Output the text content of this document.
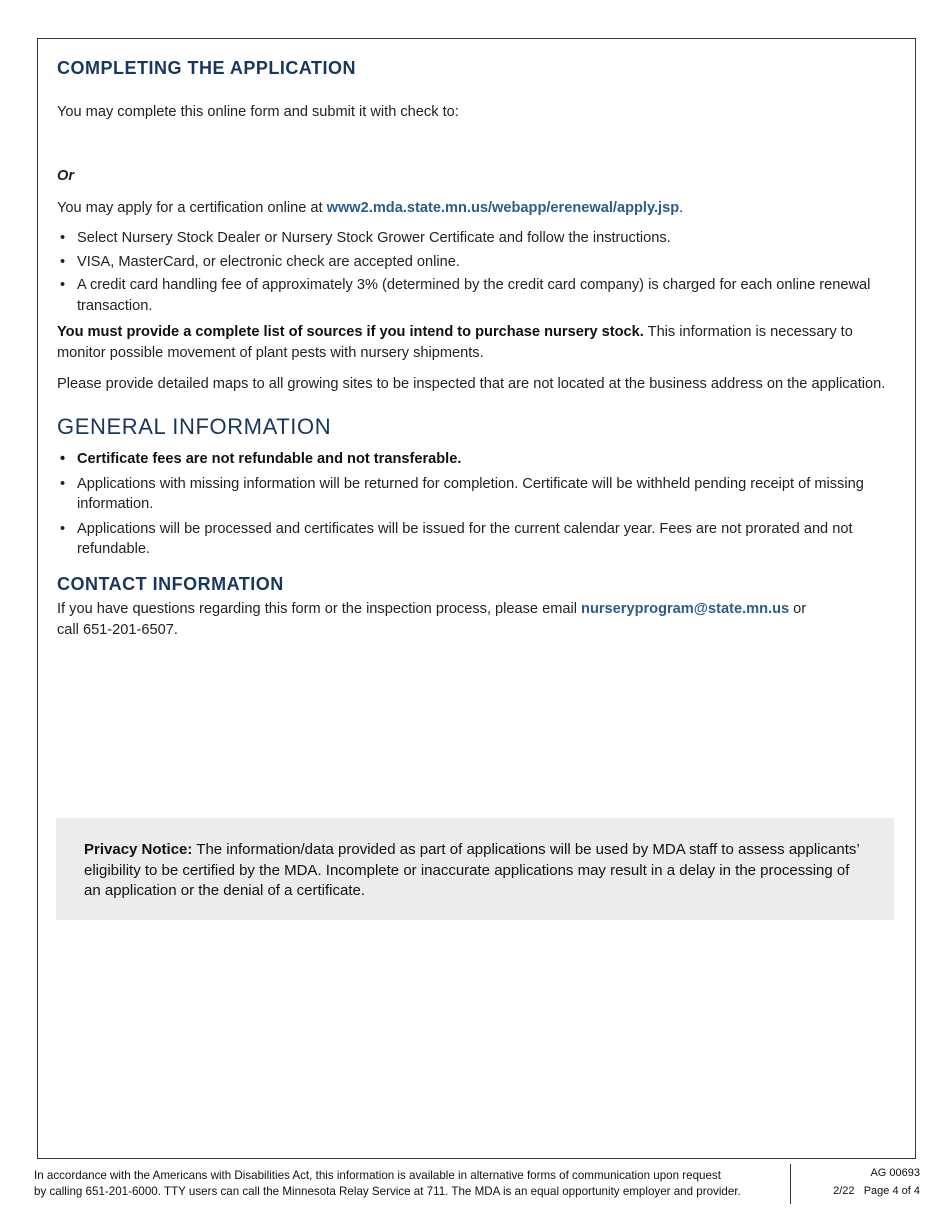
COMPLETING THE APPLICATION

You may complete this online form and submit it with check to:

Or

You may apply for a certification online at www2.mda.state.mn.us/webapp/erenewal/apply.jsp.

• Select Nursery Stock Dealer or Nursery Stock Grower Certificate and follow the instructions.
• VISA, MasterCard, or electronic check are accepted online.
• A credit card handling fee of approximately 3% (determined by the credit card company) is charged for each online renewal transaction.

You must provide a complete list of sources if you intend to purchase nursery stock. This information is necessary to monitor possible movement of plant pests with nursery shipments.

Please provide detailed maps to all growing sites to be inspected that are not located at the business address on the application.

GENERAL INFORMATION
• Certificate fees are not refundable and not transferable.
• Applications with missing information will be returned for completion. Certificate will be withheld pending receipt of missing information.
• Applications will be processed and certificates will be issued for the current calendar year. Fees are not prorated and not refundable.
CONTACT INFORMATION

If you have questions regarding this form or the inspection process, please email nurseryprogram@state.mn.us or call 651-201-6507.

Privacy Notice: The information/data provided as part of applications will be used by MDA staff to assess applicants’ eligibility to be certified by the MDA. Incomplete or inaccurate applications may result in a delay in the processing of an application or the denial of a certificate.

In accordance with the Americans with Disabilities Act, this information is available in alternative forms of communication upon request
by calling 651-201-6000. TTY users can call the Minnesota Relay Service at 711. The MDA is an equal opportunity employer and provider.
AG 00693
2/22 Page 4 of 4
